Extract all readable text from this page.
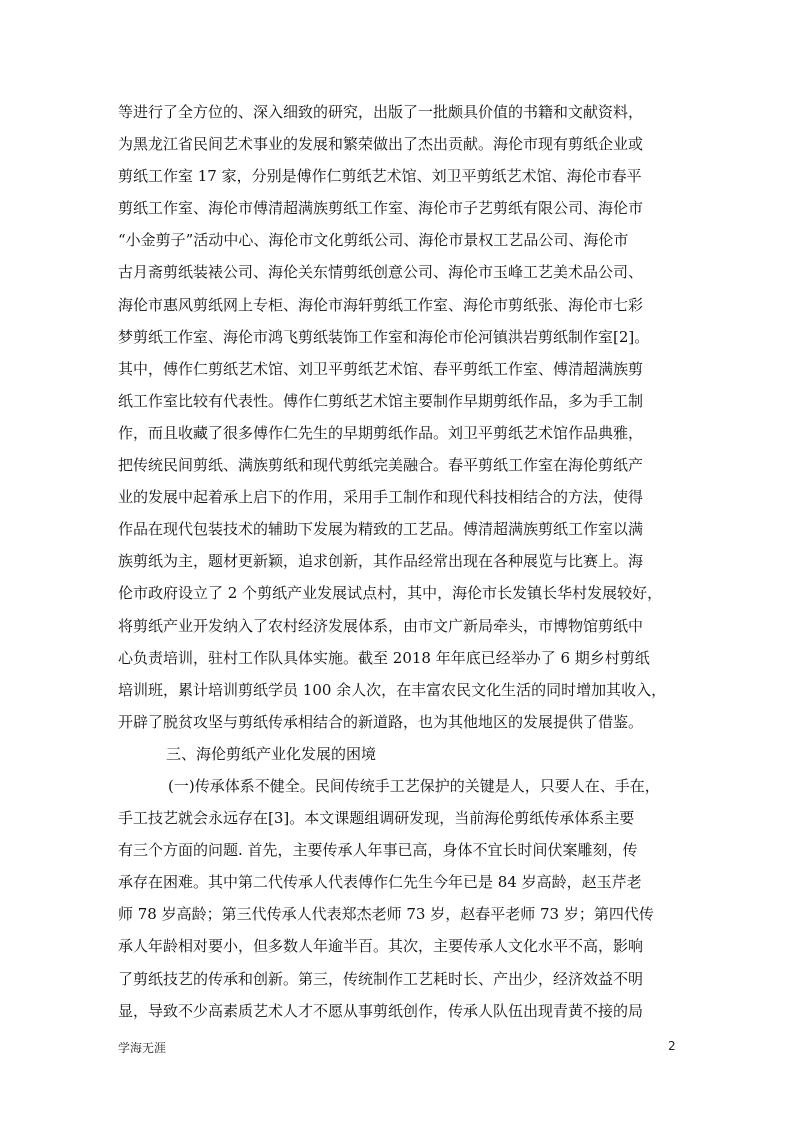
等进行了全方位的、深入细致的研究，出版了一批颇具价值的书籍和文献资料，
为黑龙江省民间艺术事业的发展和繁荣做出了杰出贡献。海伦市现有剪纸企业或
剪纸工作室 17 家，分别是傅作仁剪纸艺术馆、刘卫平剪纸艺术馆、海伦市春平
剪纸工作室、海伦市傅清超满族剪纸工作室、海伦市子艺剪纸有限公司、海伦市
“小金剪子”活动中心、海伦市文化剪纸公司、海伦市景权工艺品公司、海伦市
古月斋剪纸装裱公司、海伦关东情剪纸创意公司、海伦市玉峰工艺美术品公司、
海伦市惠风剪纸网上专柜、海伦市海轩剪纸工作室、海伦市剪纸张、海伦市七彩
梦剪纸工作室、海伦市鸿飞剪纸装饰工作室和海伦市伦河镇洪岩剪纸制作室[2]。
其中，傅作仁剪纸艺术馆、刘卫平剪纸艺术馆、春平剪纸工作室、傅清超满族剪
纸工作室比较有代表性。傅作仁剪纸艺术馆主要制作早期剪纸作品，多为手工制
作，而且收藏了很多傅作仁先生的早期剪纸作品。刘卫平剪纸艺术馆作品典雅，
把传统民间剪纸、满族剪纸和现代剪纸完美融合。春平剪纸工作室在海伦剪纸产
业的发展中起着承上启下的作用，采用手工制作和现代科技相结合的方法，使得
作品在现代包装技术的辅助下发展为精致的工艺品。傅清超满族剪纸工作室以满
族剪纸为主，题材更新颖，追求创新，其作品经常出现在各种展览与比赛上。海
伦市政府设立了 2 个剪纸产业发展试点村，其中，海伦市长发镇长华村发展较好，
将剪纸产业开发纳入了农村经济发展体系，由市文广新局牵头，市博物馆剪纸中
心负责培训，驻村工作队具体实施。截至 2018 年年底已经举办了 6 期乡村剪纸
培训班，累计培训剪纸学员 100 余人次，在丰富农民文化生活的同时增加其收入，
开辟了脱贫攻坚与剪纸传承相结合的新道路，也为其他地区的发展提供了借鉴。
三、海伦剪纸产业化发展的困境
(一)传承体系不健全。民间传统手工艺保护的关键是人，只要人在、手在，
手工技艺就会永远存在[3]。本文课题组调研发现，当前海伦剪纸传承体系主要
有三个方面的问题. 首先，主要传承人年事已高，身体不宜长时间伏案雕刻，传
承存在困难。其中第二代传承人代表傅作仁先生今年已是 84 岁高龄，赵玉芹老
师 78 岁高龄；第三代传承人代表郑杰老师 73 岁，赵春平老师 73 岁；第四代传
承人年龄相对要小，但多数人年逾半百。其次，主要传承人文化水平不高，影响
了剪纸技艺的传承和创新。第三，传统制作工艺耗时长、产出少，经济效益不明
显，导致不少高素质艺术人才不愿从事剪纸创作，传承人队伍出现青黄不接的局
学海无涯	2
